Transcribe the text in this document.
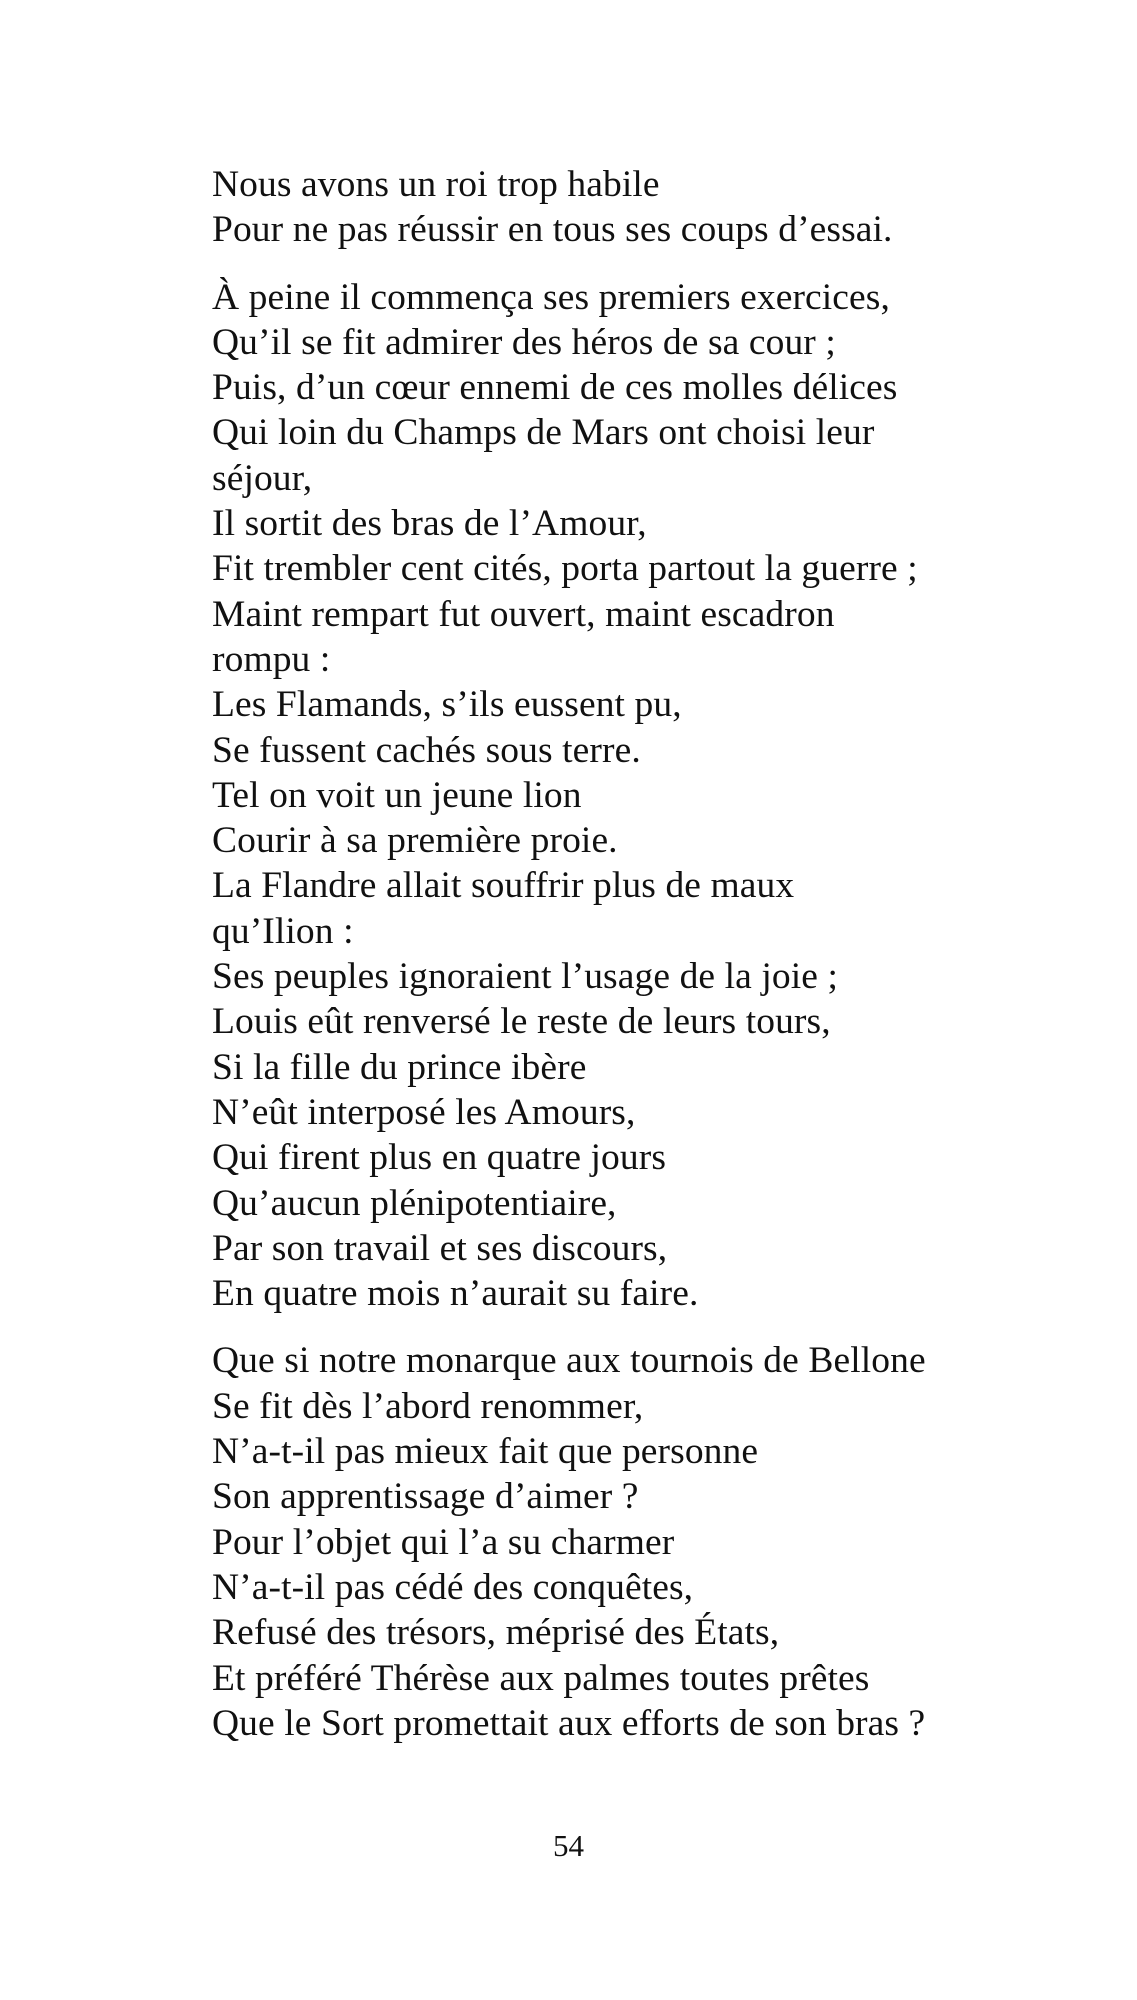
Nous avons un roi trop habile
Pour ne pas réussir en tous ses coups d’essai.

À peine il commença ses premiers exercices,
Qu’il se fit admirer des héros de sa cour ;
Puis, d’un cœur ennemi de ces molles délices
Qui loin du Champs de Mars ont choisi leur
séjour,
Il sortit des bras de l’Amour,
Fit trembler cent cités, porta partout la guerre ;
Maint rempart fut ouvert, maint escadron
rompu :
Les Flamands, s’ils eussent pu,
Se fussent cachés sous terre.
Tel on voit un jeune lion
Courir à sa première proie.
La Flandre allait souffrir plus de maux
qu’Ilion :
Ses peuples ignoraient l’usage de la joie ;
Louis eût renversé le reste de leurs tours,
Si la fille du prince ibère
N’eût interposé les Amours,
Qui firent plus en quatre jours
Qu’aucun plénipotentiaire,
Par son travail et ses discours,
En quatre mois n’aurait su faire.

Que si notre monarque aux tournois de Bellone
Se fit dès l’abord renommer,
N’a-t-il pas mieux fait que personne
Son apprentissage d’aimer ?
Pour l’objet qui l’a su charmer
N’a-t-il pas cédé des conquêtes,
Refusé des trésors, méprisé des États,
Et préféré Thérèse aux palmes toutes prêtes
Que le Sort promettait aux efforts de son bras ?

54
